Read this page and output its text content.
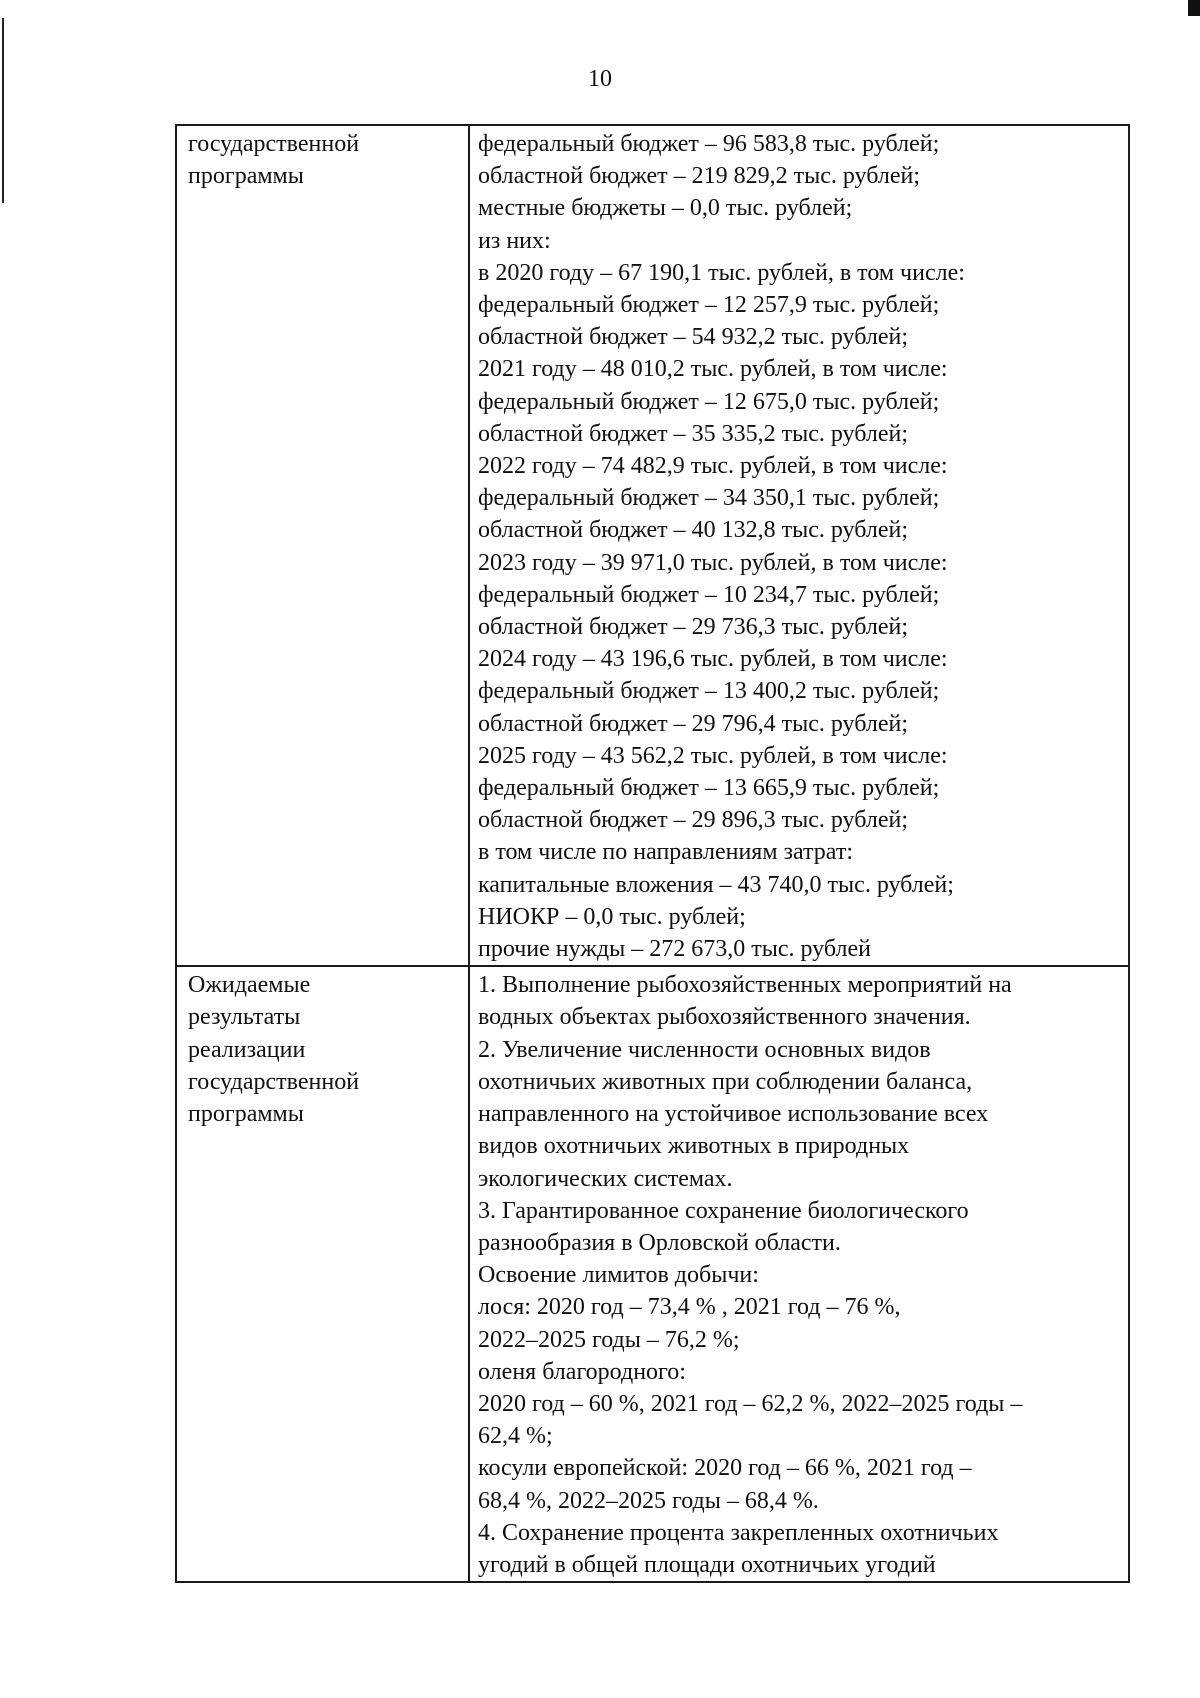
10
государственной
программы
федеральный бюджет – 96 583,8 тыс. рублей;
областной бюджет – 219 829,2 тыс. рублей;
местные бюджеты – 0,0 тыс. рублей;
из них:
в 2020 году – 67 190,1 тыс. рублей, в том числе:
федеральный бюджет – 12 257,9 тыс. рублей;
областной бюджет – 54 932,2 тыс. рублей;
2021 году – 48 010,2 тыс. рублей, в том числе:
федеральный бюджет – 12 675,0 тыс. рублей;
областной бюджет – 35 335,2 тыс. рублей;
2022 году – 74 482,9 тыс. рублей, в том числе:
федеральный бюджет – 34 350,1 тыс. рублей;
областной бюджет – 40 132,8 тыс. рублей;
2023 году – 39 971,0 тыс. рублей, в том числе:
федеральный бюджет – 10 234,7 тыс. рублей;
областной бюджет – 29 736,3 тыс. рублей;
2024 году – 43 196,6 тыс. рублей, в том числе:
федеральный бюджет – 13 400,2 тыс. рублей;
областной бюджет – 29 796,4 тыс. рублей;
2025 году – 43 562,2 тыс. рублей, в том числе:
федеральный бюджет – 13 665,9 тыс. рублей;
областной бюджет – 29 896,3 тыс. рублей;
в том числе по направлениям затрат:
капитальные вложения – 43 740,0 тыс. рублей;
НИОКР – 0,0 тыс. рублей;
прочие нужды – 272 673,0 тыс. рублей
Ожидаемые
результаты
реализации
государственной
программы
1. Выполнение рыбохозяйственных мероприятий на
водных объектах рыбохозяйственного значения.
2. Увеличение численности основных видов
охотничьих животных при соблюдении баланса,
направленного на устойчивое использование всех
видов охотничьих животных в природных
экологических системах.
3. Гарантированное сохранение биологического
разнообразия в Орловской области.
Освоение лимитов добычи:
лося: 2020 год – 73,4 % , 2021 год – 76 %,
2022–2025 годы – 76,2 %;
оленя благородного:
2020 год – 60 %, 2021 год – 62,2 %, 2022–2025 годы –
62,4 %;
косули европейской: 2020 год – 66 %, 2021 год –
68,4 %, 2022–2025 годы – 68,4 %.
4. Сохранение процента закрепленных охотничьих
угодий в общей площади охотничьих угодий
